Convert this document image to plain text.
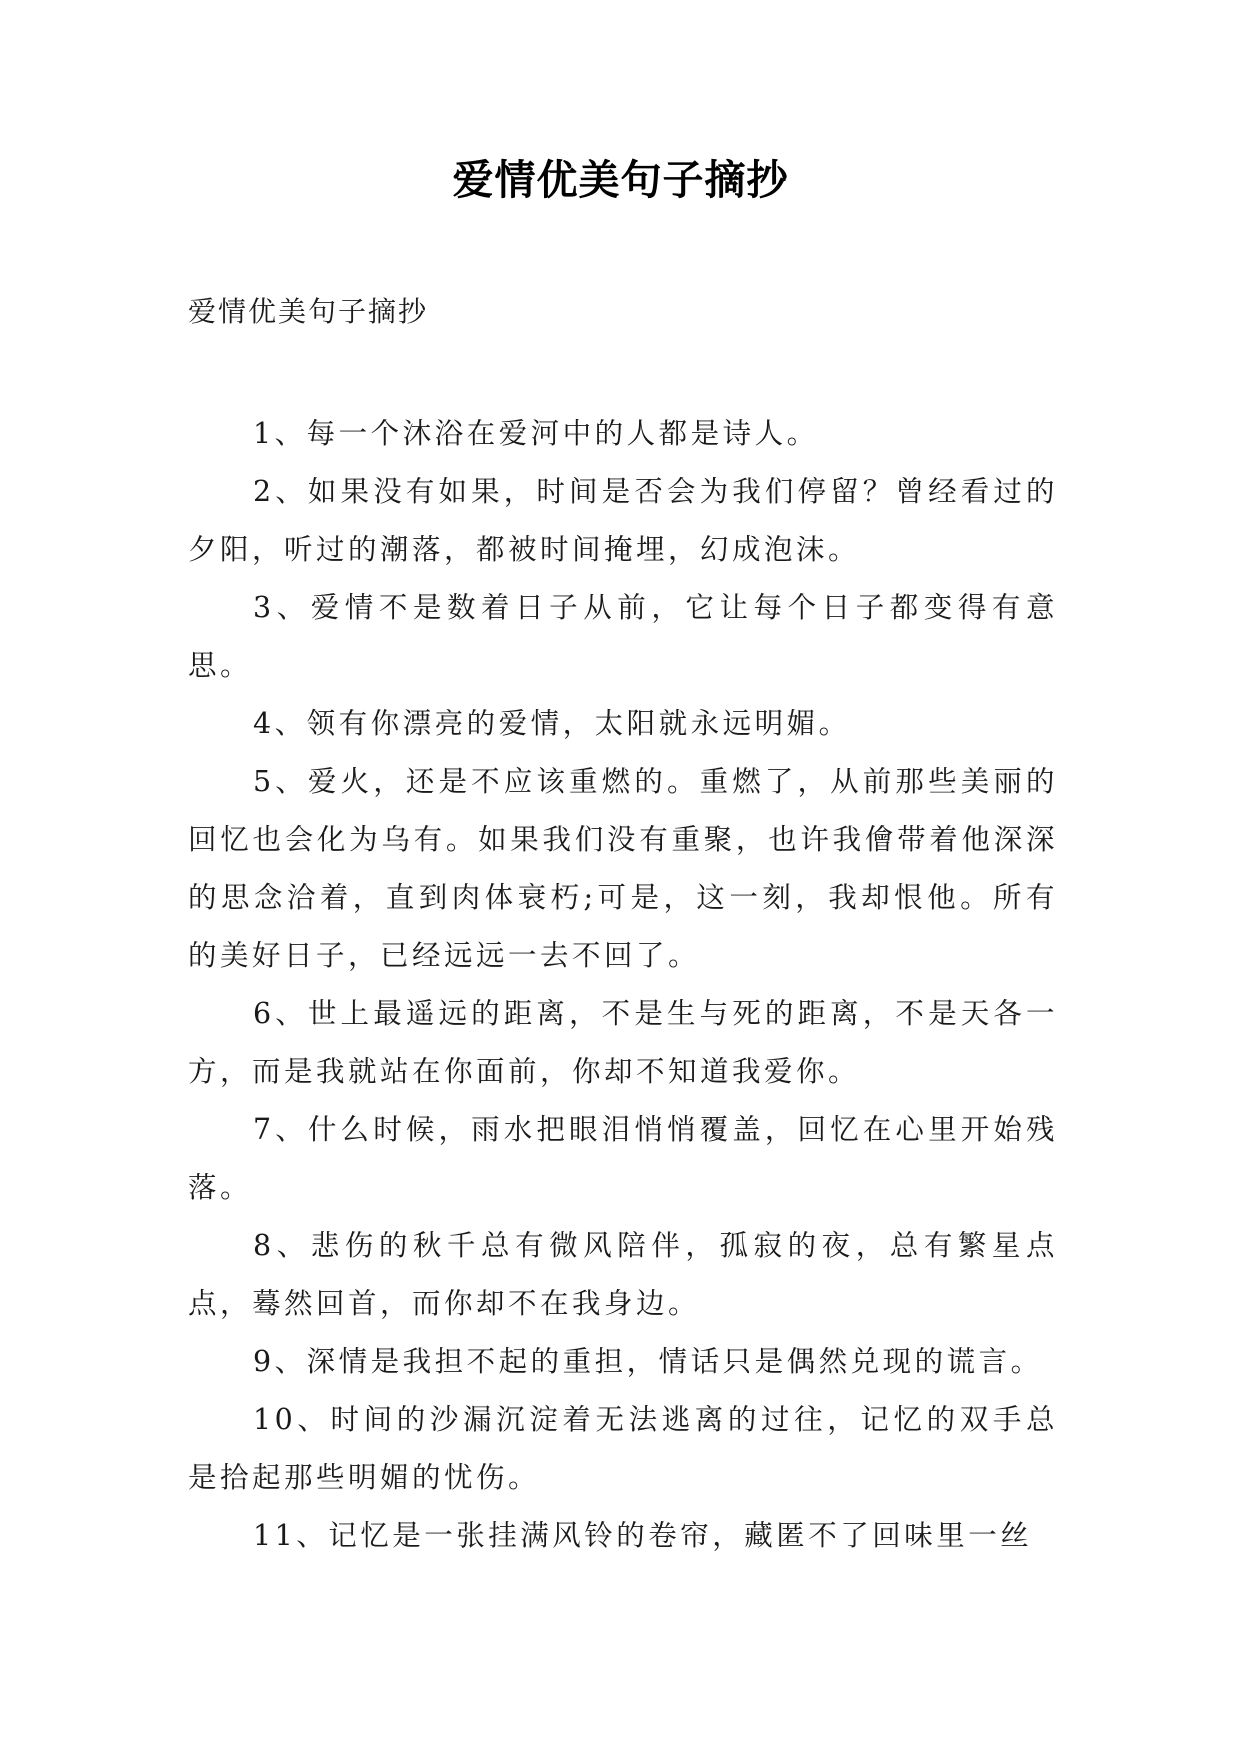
爱情优美句子摘抄

爱情优美句子摘抄

1、每一个沐浴在爱河中的人都是诗人。

2、如果没有如果，时间是否会为我们停留？曾经看过的夕阳，听过的潮落，都被时间掩埋，幻成泡沫。

3、爱情不是数着日子从前，它让每个日子都变得有意思。

4、领有你漂亮的爱情，太阳就永远明媚。

5、爱火，还是不应该重燃的。重燃了，从前那些美丽的回忆也会化为乌有。如果我们没有重聚，也许我儈带着他深深的思念洽着，直到肉体衰朽;可是，这一刻，我却恨他。所有的美好日子，已经远远一去不回了。

6、世上最遥远的距离，不是生与死的距离，不是天各一方，而是我就站在你面前，你却不知道我爱你。

7、什么时候，雨水把眼泪悄悄覆盖，回忆在心里开始残落。

8、悲伤的秋千总有微风陪伴，孤寂的夜，总有繁星点点，蓦然回首，而你却不在我身边。

9、深情是我担不起的重担，情话只是偶然兑现的谎言。

10、时间的沙漏沉淀着无法逃离的过往，记忆的双手总是拾起那些明媚的忧伤。

11、记忆是一张挂满风铃的卷帘，藏匿不了回味里一丝
